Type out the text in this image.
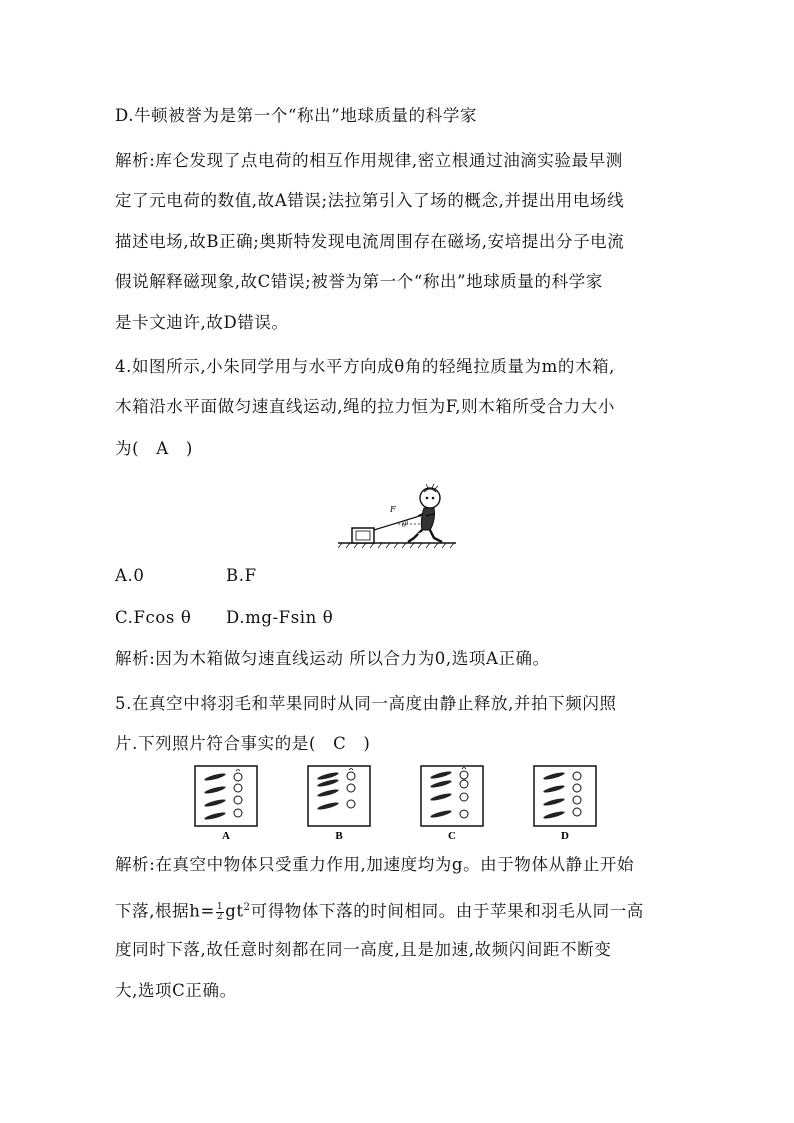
D.牛顿被誉为是第一个“称出”地球质量的科学家
解析:库仑发现了点电荷的相互作用规律,密立根通过油滴实验最早测
定了元电荷的数值,故A错误;法拉第引入了场的概念,并提出用电场线
描述电场,故B正确;奥斯特发现电流周围存在磁场,安培提出分子电流
假说解释磁现象,故C错误;被誉为第一个“称出”地球质量的科学家
是卡文迪许,故D错误。
4.如图所示,小朱同学用与水平方向成θ角的轻绳拉质量为m的木箱,
木箱沿水平面做匀速直线运动,绳的拉力恒为F,则木箱所受合力大小
为(　A　)
F
θ
A.0	B.F
C.Fcos θ D.mg-Fsin θ
解析:因为木箱做匀速直线运动 所以合力为0,选项A正确。
5.在真空中将羽毛和苹果同时从同一高度由静止释放,并拍下频闪照
片.下列照片符合事实的是(　C　)
A	B	C	D
解析:在真空中物体只受重力作用,加速度均为g。由于物体从静止开始
下落,根据$h= \frac{1}{2} gt^2$可得物体下落的时间相同。由于苹果和羽毛从同一高
度同时下落,故任意时刻都在同一高度,且是加速,故频闪间距不断变
大,选项C正确。
